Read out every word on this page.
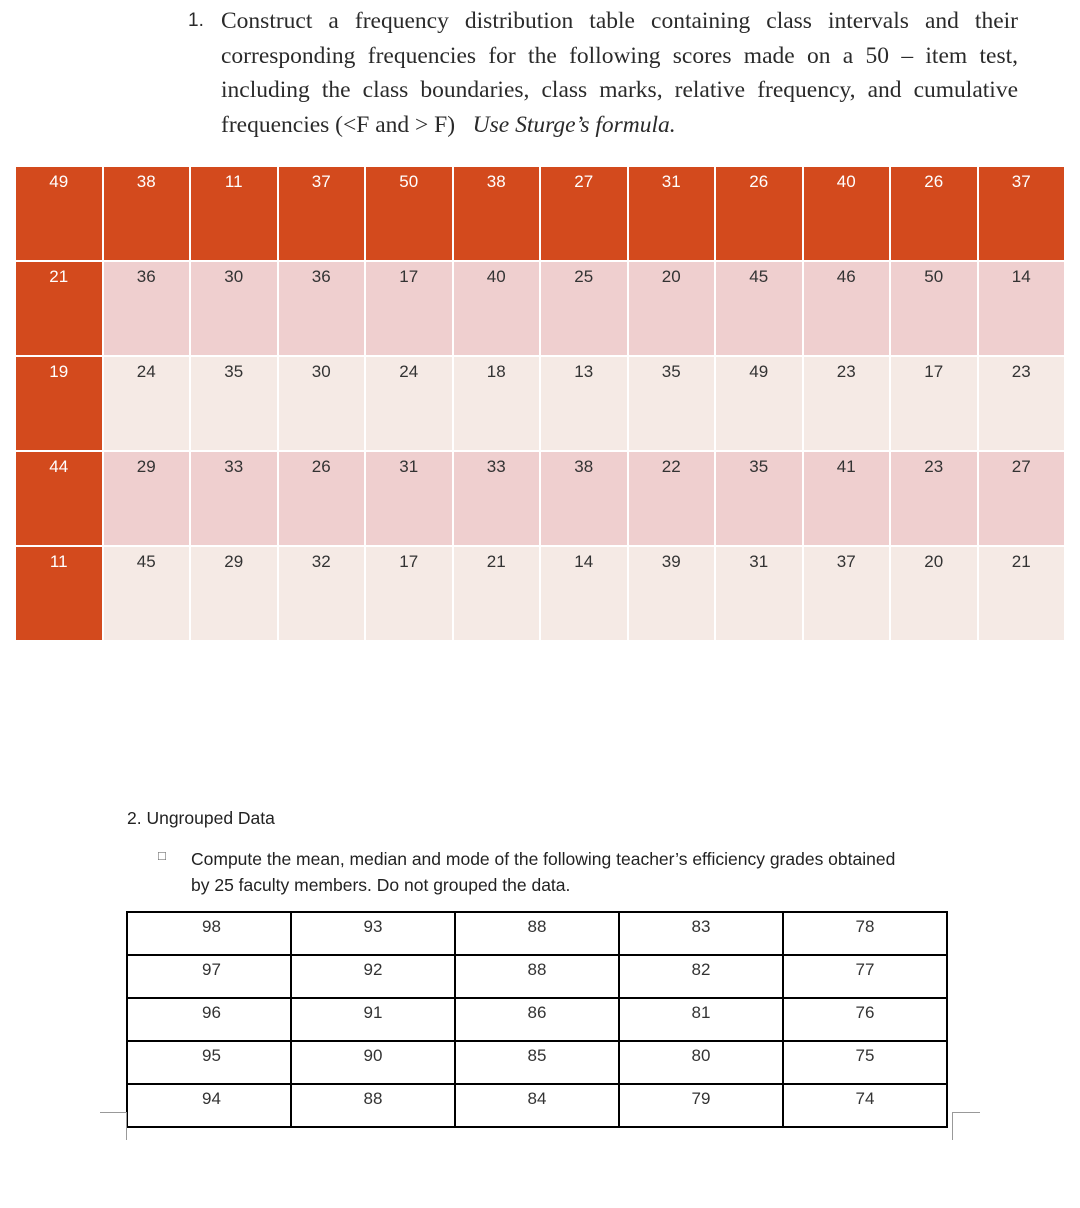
1. Construct a frequency distribution table containing class intervals and their corresponding frequencies for the following scores made on a 50 – item test, including the class boundaries, class marks, relative frequency, and cumulative frequencies (<F and > F) Use Sturge’s formula.
49	38	11	37	50	38	27	31	26	40	26	37
21	36	30	36	17	40	25	20	45	46	50	14
19	24	35	30	24	18	13	35	49	23	17	23
44	29	33	26	31	33	38	22	35	41	23	27
11	45	29	32	17	21	14	39	31	37	20	21
2. Ungrouped Data
□ Compute the mean, median and mode of the following teacher’s efficiency grades obtained by 25 faculty members. Do not grouped the data.
98	93	88	83	78
97	92	88	82	77
96	91	86	81	76
95	90	85	80	75
94	88	84	79	74
